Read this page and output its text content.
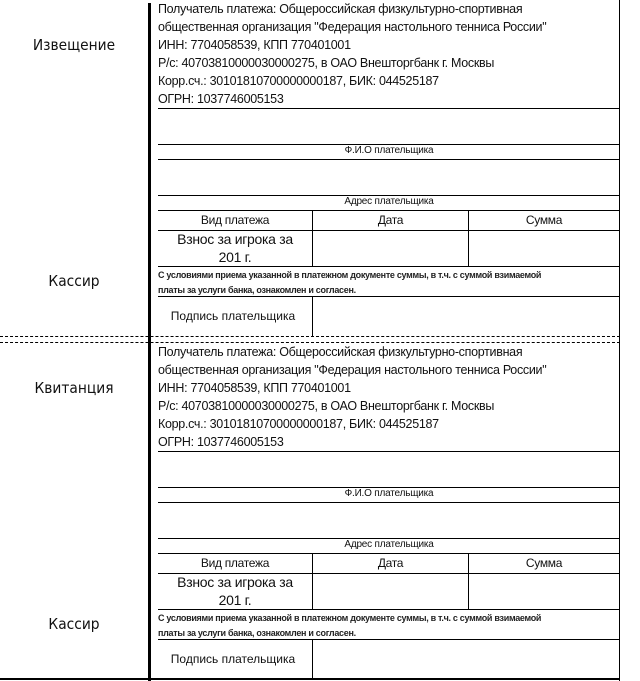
Извещение
Кассир
Получатель платежа: Общероссийская физкультурно-спортивная
общественная организация "Федерация настольного тенниса России"
ИНН: 7704058539, КПП 770401001
Р/с: 40703810000030000275, в ОАО Внешторгбанк г. Москвы
Корр.сч.: 30101810700000000187, БИК: 044525187
ОГРН: 1037746005153
Ф.И.О плательщика
Адрес плательщика
Вид платежа	Дата	Сумма
Взнос за игрока за
201 г.
С условиями приема указанной в платежном документе суммы, в т.ч. с суммой взимаемой
платы за услуги банка, ознакомлен и согласен.
Подпись плательщика
Квитанция
Кассир
Получатель платежа: Общероссийская физкультурно-спортивная
общественная организация "Федерация настольного тенниса России"
ИНН: 7704058539, КПП 770401001
Р/с: 40703810000030000275, в ОАО Внешторгбанк г. Москвы
Корр.сч.: 30101810700000000187, БИК: 044525187
ОГРН: 1037746005153
Ф.И.О плательщика
Адрес плательщика
Вид платежа	Дата	Сумма
Взнос за игрока за
201 г.
С условиями приема указанной в платежном документе суммы, в т.ч. с суммой взимаемой
платы за услуги банка, ознакомлен и согласен.
Подпись плательщика
